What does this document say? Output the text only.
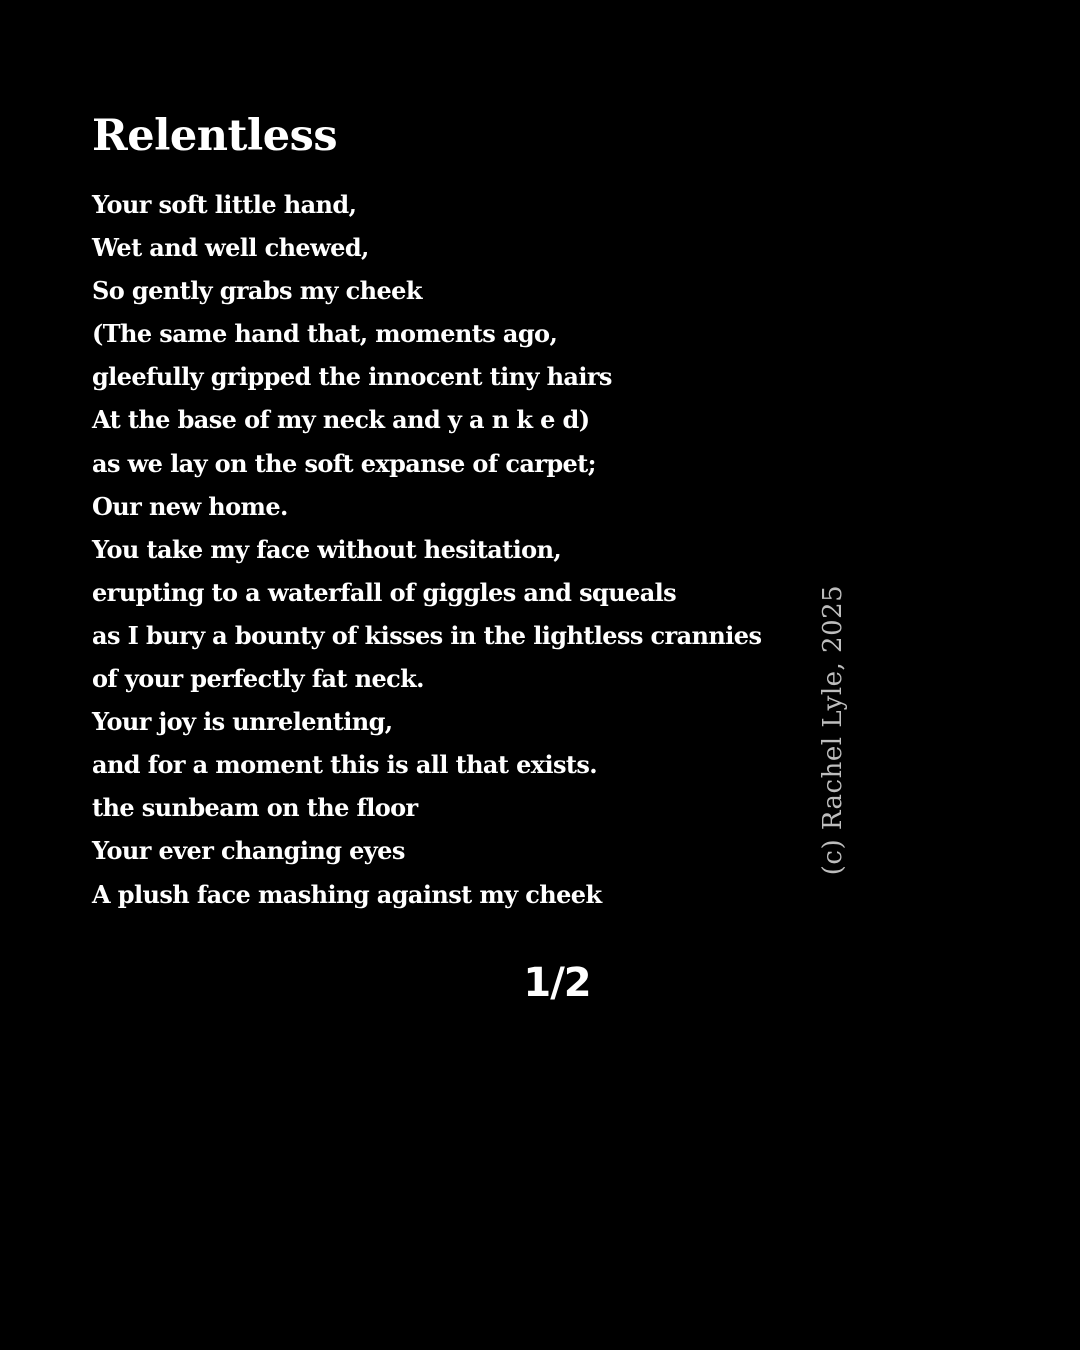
Relentless
Your soft little hand,
Wet and well chewed,
So gently grabs my cheek
(The same hand that, moments ago,
gleefully gripped the innocent tiny hairs
At the base of my neck and y a n k e d)
as we lay on the soft expanse of carpet;
Our new home.
You take my face without hesitation,
erupting to a waterfall of giggles and squeals
as I bury a bounty of kisses in the lightless crannies
of your perfectly fat neck.
Your joy is unrelenting,
and for a moment this is all that exists.
the sunbeam on the floor
Your ever changing eyes
A plush face mashing against my cheek
(c) Rachel Lyle, 2025
1/2
